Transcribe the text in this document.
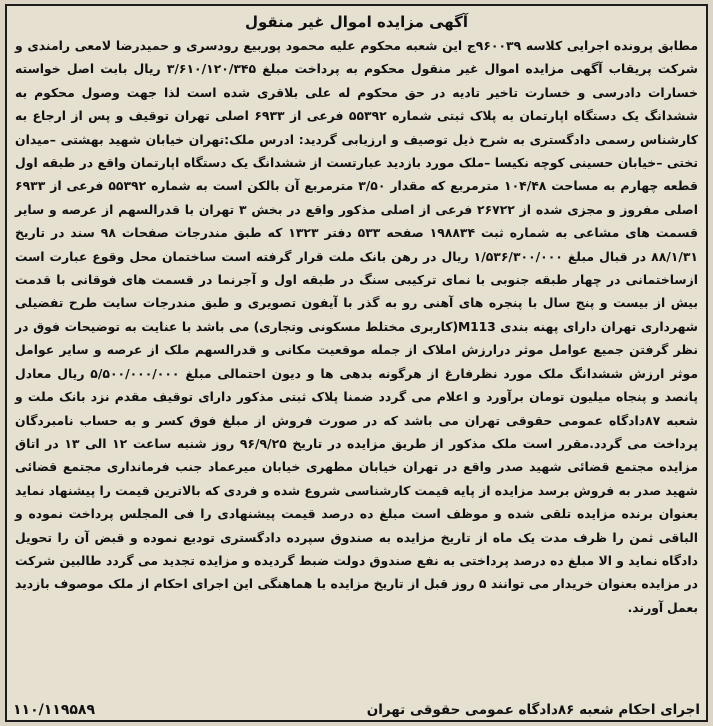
آگهی مزایده اموال غیر منقول
مطابق پرونده اجرایی کلاسه ۹۶۰۰۳۹ج این شعبه محکوم علیه محمود پوربیع رودسری و حمیدرضا لامعی رامندی و شرکت پریقاب آگهی مزایده اموال غیر منقول محکوم به پرداخت مبلغ ۳/۶۱۰/۱۲۰/۳۴۵ ریال بابت اصل خواسته خسارات دادرسی و خسارت تاخیر تادیه در حق محکوم له علی بلاقری شده است لذا جهت وصول محکوم به ششدانگ یک دستگاه اپارتمان به پلاک ثبتی شماره ۵۵۳۹۲ فرعی از ۶۹۳۳ اصلی تهران توقیف و پس از ارجاع به کارشناس رسمی دادگستری به شرح ذیل توصیف و ارزیابی گردید: ادرس ملک:تهران خیابان شهید بهشتی –میدان تختی –خیابان حسینی کوچه نکیسا –ملک مورد بازدید عبارتست از ششدانگ یک دستگاه اپارتمان واقع در طبقه اول قطعه چهارم به مساحت ۱۰۴/۴۸ مترمربع که مقدار ۳/۵۰ مترمربع آن بالکن است به شماره ۵۵۳۹۲ فرعی از ۶۹۳۳ اصلی مفروز و مجزی شده از ۲۶۷۲۲ فرعی از اصلی مذکور واقع در بخش ۳ تهران با قدرالسهم از عرصه و سایر قسمت های مشاعی به شماره ثبت ۱۹۸۸۳۴ صفحه ۵۳۳ دفتر ۱۳۲۳ که طبق مندرجات صفحات ۹۸ سند در تاریخ ۸۸/۱/۳۱ در قبال مبلغ ۱/۵۳۶/۳۰۰/۰۰۰ ریال در رهن بانک ملت قرار گرفته است ساختمان محل وقوع عبارت است ازساختمانی در چهار طبقه جنوبی با نمای ترکیبی سنگ در طبقه اول و آجرنما در قسمت های فوقانی با قدمت بیش از بیست و پنج سال با پنجره های آهنی رو به گذر با آیفون تصویری و طبق مندرجات سایت طرح تفضیلی شهرداری تهران دارای پهنه بندی M113(کاربری مختلط مسکونی وتجاری) می باشد با عنایت به توضیحات فوق در نظر گرفتن جمیع عوامل موثر درارزش املاک از جمله موقعیت مکانی و قدرالسهم ملک از عرصه و سایر عوامل موثر ارزش ششدانگ ملک مورد نظرفارغ از هرگونه بدهی ها و دیون احتمالی مبلغ ۵/۵۰۰/۰۰۰/۰۰۰ ریال معادل پانصد و پنجاه میلیون تومان برآورد و اعلام می گردد ضمنا پلاک ثبتی مذکور دارای توقیف مقدم نزد بانک ملت و شعبه ۸۷دادگاه عمومی حقوقی تهران می باشد که در صورت فروش از مبلغ فوق کسر و به حساب نامبردگان پرداخت می گردد.مقرر است ملک مذکور از طریق مزایده در تاریخ ۹۶/۹/۲۵ روز شنبه ساعت ۱۲ الی ۱۳ در اتاق مزایده مجتمع قضائی شهید صدر واقع در تهران خیابان مطهری خیابان میرعماد جنب فرمانداری مجتمع قضائی شهید صدر به فروش برسد مزایده از پایه قیمت کارشناسی شروع شده و فردی که بالاترین قیمت را پیشنهاد نماید بعنوان برنده مزایده تلقی شده و موظف است مبلغ ده درصد قیمت پیشنهادی را فی المجلس پرداخت نموده و الباقی ثمن را ظرف مدت یک ماه از تاریخ مزایده به صندوق سپرده دادگستری تودیع نموده و قبض آن را تحویل دادگاه نماید و الا مبلغ ده درصد پرداختی به نفع صندوق دولت ضبط گردیده و مزایده تجدید می گردد طالبین شرکت در مزایده بعنوان خریدار می توانند ۵ روز قبل از تاریخ مزایده با هماهنگی این اجرای احکام از ملک موصوف بازدید بعمل آورند.
اجرای احکام شعبه ۸۶دادگاه عمومی حقوقی تهران
۱۱۰/۱۱۹۵۸۹
